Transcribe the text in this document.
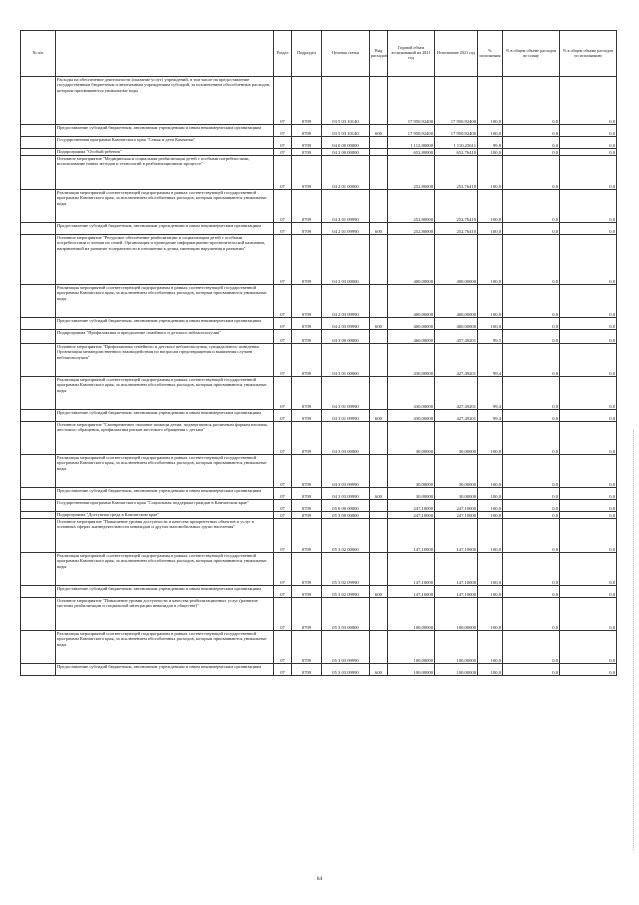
№ п/п		Раздел	Подраздел	Целевая статья	Вид расходов	Годовой объем ассигнований на 2021 год	Исполнение 2021 год	% исполнения	% в общем объеме расходов по плану	% в общем объеме расходов по исполнению
	Расходы на обеспечение деятельности (оказание услуг) учреждений, в том числе на предоставление государственным бюджетным и автономным учреждениям субсидий, за исключением обособленных расходов, которым присваиваются уникальные коды	07	0709	03 5 03 10140		17 950,92400	17 950,92400	100,0	0,0	0,0
	Предоставление субсидий бюджетным, автономным учреждениям и иным некоммерческим организациям	07	0709	03 5 03 10140	600	17 950,92400	17 950,92400	100,0	0,0	0,0
	Государственная программа Камчатского края "Семья и дети Камчатки"	07	0709	04 0 00 00000		1 112,80000	1 110,25611	99,8	0,0	0,0
	Подпрограмма "Особый ребенок"	07	0709	04 2 00 00000		652,80000	652,76410	100,0	0,0	0,0
	Основное мероприятие "Медицинская и социальная реабилитация детей с особыми потребностями, использование новых методов и технологий в реабилитационном процессе"	07	0709	04 2 01 00000		252,80000	252,76410	100,0	0,0	0,0
	Реализация мероприятий соответствующей подпрограммы в рамках соответствующей государственной программы Камчатского края, за исключением обособленных расходов, которым присваиваются уникальные коды	07	0709	04 2 01 09990		252,80000	252,76410	100,0	0,0	0,0
	Предоставление субсидий бюджетным, автономным учреждениям и иным некоммерческим организациям	07	0709	04 2 01 09990	600	252,80000	252,76410	100,0	0,0	0,0
	Основное мероприятие "Ресурсное обеспечение реабилитации и социализации детей с особыми потребностями и членов их семей. Организация и проведение информационно-просветительской кампании, направленной на развитие толерантности в отношении к детям, имеющим нарушения в развитии"	07	0709	04 2 03 00000		400,00000	400,00000	100,0	0,0	0,0
	Реализация мероприятий соответствующей подпрограммы в рамках соответствующей государственной программы Камчатского края, за исключением обособленных расходов, которым присваиваются уникальные коды	07	0709	04 2 03 09990		400,00000	400,00000	100,0	0,0	0,0
	Предоставление субсидий бюджетным, автономным учреждениям и иным некоммерческим организациям	07	0709	04 2 03 09990	600	400,00000	400,00000	100,0	0,0	0,0
	Подпрограмма "Профилактика и преодоление семейного и детского неблагополучия"	07	0709	04 3 00 00000		460,00000	457,49201	99,5	0,0	0,0
	Основное мероприятие "Профилактика семейного и детского неблагополучия, суицидального поведения. Организация межведомственного взаимодействия по вопросам предотвращения и выявления случаев неблагополучия"	07	0709	04 3 01 00000		430,00000	427,49201	99,4	0,0	0,0
	Реализация мероприятий соответствующей подпрограммы в рамках соответствующей государственной программы Камчатского края, за исключением обособленных расходов, которым присваиваются уникальные коды	07	0709	04 3 01 09990		430,00000	427,49201	99,4	0,0	0,0
	Предоставление субсидий бюджетным, автономным учреждениям и иным некоммерческим организациям	07	0709	04 3 01 09990	600	430,00000	427,49201	99,4	0,0	0,0
	Основное мероприятие "Своевременное оказание помощи детям, подвергшимся различным формам насилия, жестокого обращения, профилактика рисков жестокого обращения с детьми"	07	0709	04 3 03 00000		30,00000	30,00000	100,0	0,0	0,0
	Реализация мероприятий соответствующей подпрограммы в рамках соответствующей государственной программы Камчатского края, за исключением обособленных расходов, которым присваиваются уникальные коды	07	0709	04 3 03 09990		30,00000	30,00000	100,0	0,0	0,0
	Предоставление субсидий бюджетным, автономным учреждениям и иным некоммерческим организациям	07	0709	04 3 03 09990	600	30,00000	30,00000	100,0	0,0	0,0
	Государственная программа Камчатского края "Социальная поддержка граждан в Камчатском крае"	07	0709	05 0 00 00000		247,10000	247,10000	100,0	0,0	0,0
	Подпрограмма "Доступная среда в Камчатском крае"	07	0709	05 3 00 00000		247,10000	247,10000	100,0	0,0	0,0
	Основное мероприятие "Повышение уровня доступности и качества приоритетных объектов и услуг в основных сферах жизнедеятельности инвалидов и других маломобильных групп населения"	07	0709	05 3 02 00000		147,10000	147,10000	100,0	0,0	0,0
	Реализация мероприятий соответствующей подпрограммы в рамках соответствующей государственной программы Камчатского края, за исключением обособленных расходов, которым присваиваются уникальные коды	07	0709	05 3 02 09990		147,10000	147,10000	100,0	0,0	0,0
	Предоставление субсидий бюджетным, автономным учреждениям и иным некоммерческим организациям	07	0709	05 3 02 09990	600	147,10000	147,10000	100,0	0,0	0,0
	Основное мероприятие "Повышение уровня доступности и качества реабилитационных услуг (развитие системы реабилитации и социальной интеграции инвалидов в обществе)"	07	0709	05 3 03 00000		100,00000	100,00000	100,0	0,0	0,0
	Реализация мероприятий соответствующей подпрограммы в рамках соответствующей государственной программы Камчатского края, за исключением обособленных расходов, которым присваиваются уникальные коды	07	0709	05 3 03 09990		100,00000	100,00000	100,0	0,0	0,0
	Предоставление субсидий бюджетным, автономным учреждениям и иным некоммерческим организациям	07	0709	05 3 03 09990	600	100,00000	100,00000	100,0	0,0	0,0
64
